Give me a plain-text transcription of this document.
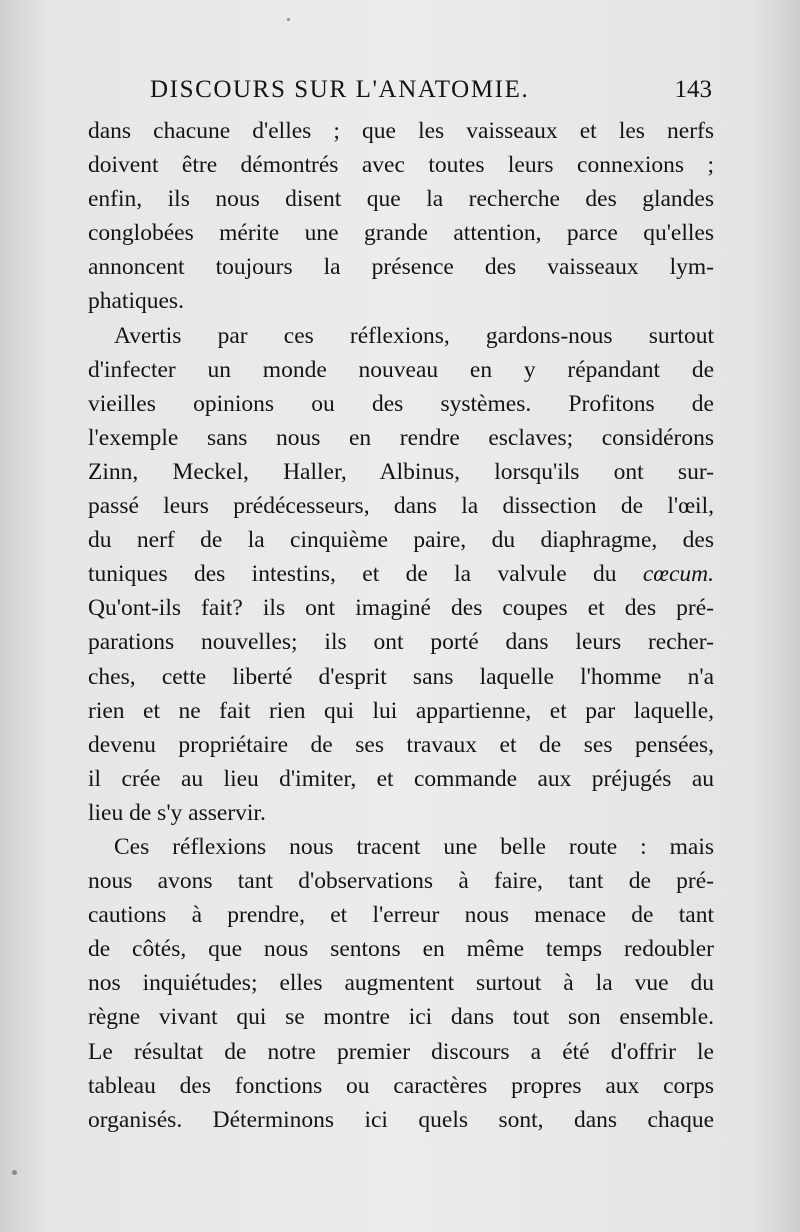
DISCOURS SUR L'ANATOMIE.	143
dans chacune d'elles ; que les vaisseaux et les nerfs
doivent être démontrés avec toutes leurs connexions ;
enfin, ils nous disent que la recherche des glandes
conglobées mérite une grande attention, parce qu'elles
annoncent toujours la présence des vaisseaux lym-
phatiques.
Avertis par ces réflexions, gardons-nous surtout
d'infecter un monde nouveau en y répandant de
vieilles opinions ou des systèmes. Profitons de
l'exemple sans nous en rendre esclaves; considérons
Zinn, Meckel, Haller, Albinus, lorsqu'ils ont sur-
passé leurs prédécesseurs, dans la dissection de l'œil,
du nerf de la cinquième paire, du diaphragme, des
tuniques des intestins, et de la valvule du cœcum.
Qu'ont-ils fait? ils ont imaginé des coupes et des pré-
parations nouvelles; ils ont porté dans leurs recher-
ches, cette liberté d'esprit sans laquelle l'homme n'a
rien et ne fait rien qui lui appartienne, et par laquelle,
devenu propriétaire de ses travaux et de ses pensées,
il crée au lieu d'imiter, et commande aux préjugés au
lieu de s'y asservir.
Ces réflexions nous tracent une belle route : mais
nous avons tant d'observations à faire, tant de pré-
cautions à prendre, et l'erreur nous menace de tant
de côtés, que nous sentons en même temps redoubler
nos inquiétudes; elles augmentent surtout à la vue du
règne vivant qui se montre ici dans tout son ensemble.
Le résultat de notre premier discours a été d'offrir le
tableau des fonctions ou caractères propres aux corps
organisés. Déterminons ici quels sont, dans chaque
